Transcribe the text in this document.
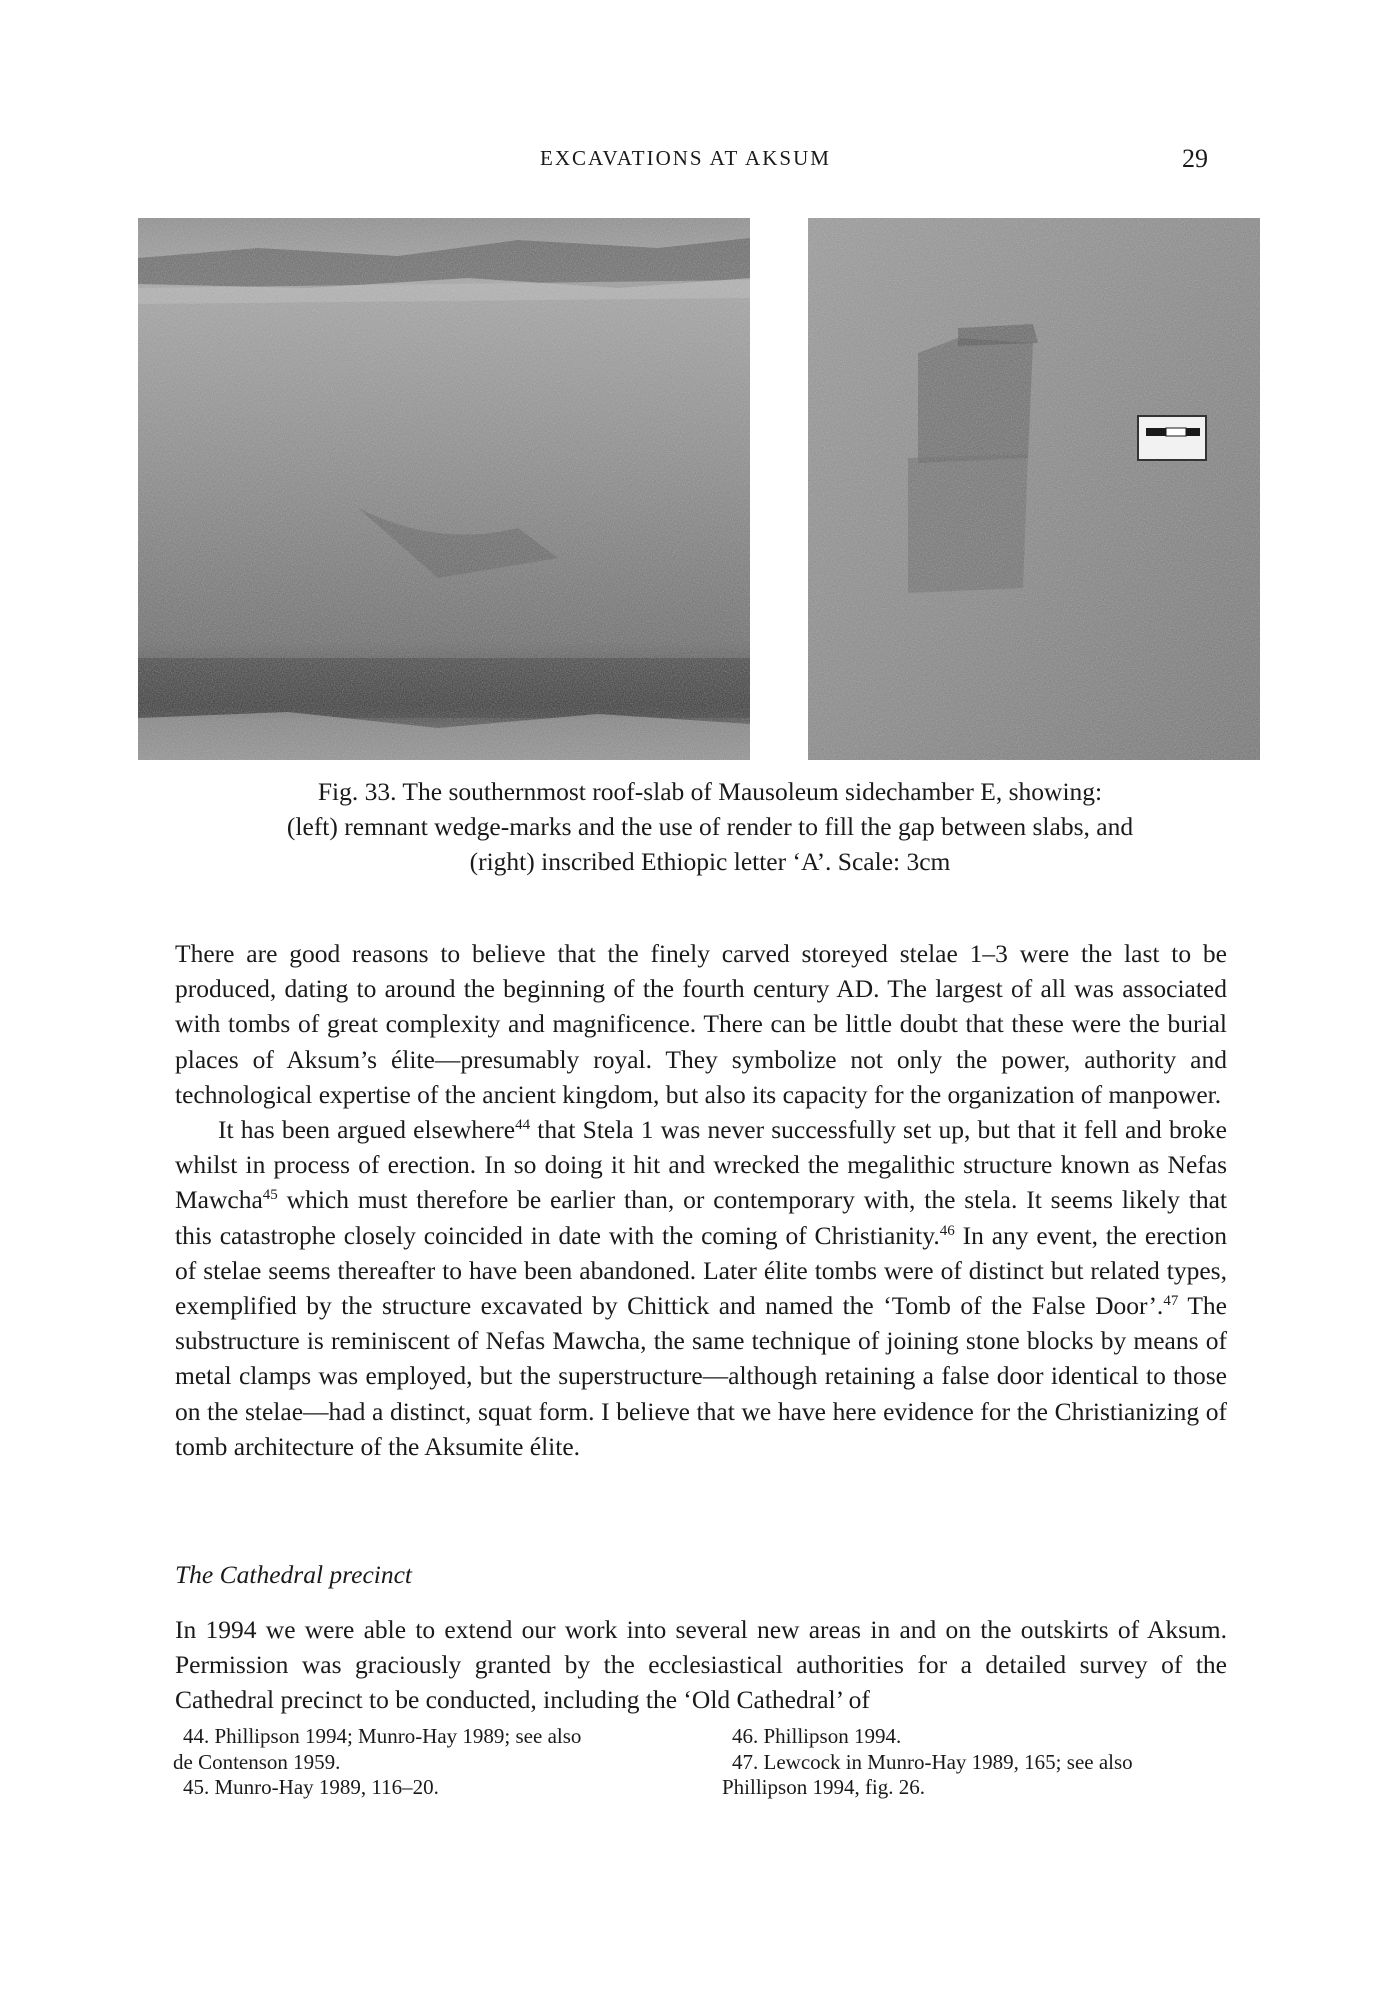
EXCAVATIONS AT AKSUM	29
Fig. 33. The southernmost roof-slab of Mausoleum sidechamber E, showing:
(left) remnant wedge-marks and the use of render to fill the gap between slabs, and
(right) inscribed Ethiopic letter ‘A’. Scale: 3cm

There are good reasons to believe that the finely carved storeyed stelae 1–3 were the last to be produced, dating to around the beginning of the fourth century AD. The largest of all was associated with tombs of great complexity and magnificence. There can be little doubt that these were the burial places of Aksum’s élite—presumably royal. They symbolize not only the power, authority and technological expertise of the ancient kingdom, but also its capacity for the organization of manpower.

It has been argued elsewhere$^{44}$ that Stela 1 was never successfully set up, but that it fell and broke whilst in process of erection. In so doing it hit and wrecked the megalithic structure known as Nefas Mawcha$^{45}$ which must therefore be earlier than, or contemporary with, the stela. It seems likely that this catastrophe closely coincided in date with the coming of Christianity.$^{46}$ In any event, the erection of stelae seems thereafter to have been abandoned. Later élite tombs were of distinct but related types, exemplified by the structure excavated by Chittick and named the ‘Tomb of the False Door’.$^{47}$ The substructure is reminiscent of Nefas Mawcha, the same technique of joining stone blocks by means of metal clamps was employed, but the superstructure—although retaining a false door identical to those on the stelae—had a distinct, squat form. I believe that we have here evidence for the Christianizing of tomb architecture of the Aksumite élite.

The Cathedral precinct

In 1994 we were able to extend our work into several new areas in and on the outskirts of Aksum. Permission was graciously granted by the ecclesiastical authorities for a detailed survey of the Cathedral precinct to be conducted, including the ‘Old Cathedral’ of

44. Phillipson 1994; Munro-Hay 1989; see also
de Contenson 1959.
45. Munro-Hay 1989, 116–20.
46. Phillipson 1994.
47. Lewcock in Munro-Hay 1989, 165; see also
Phillipson 1994, fig. 26.
